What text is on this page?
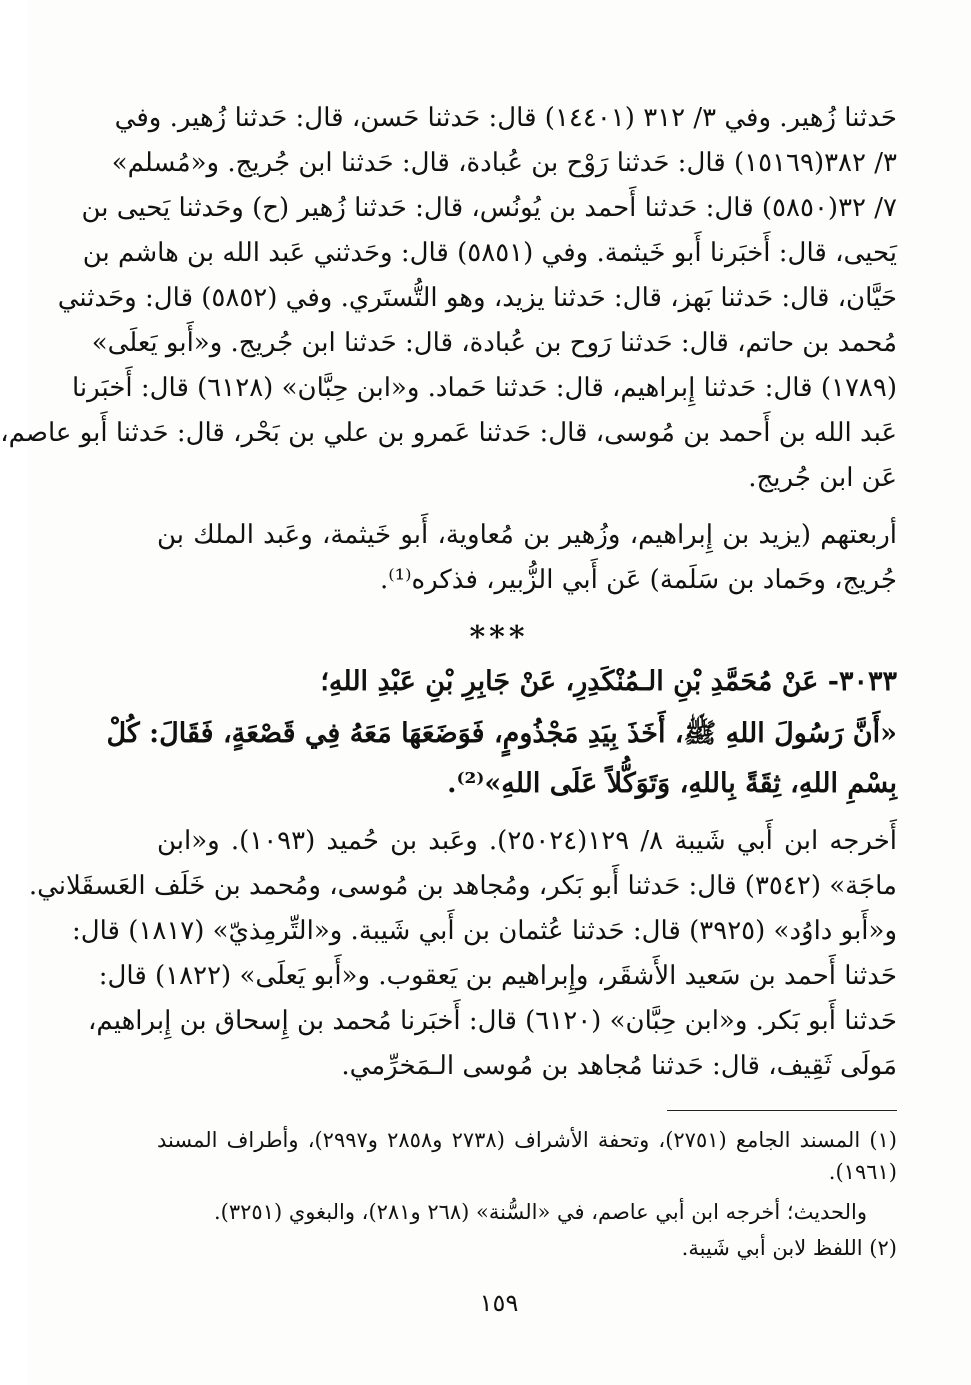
حَدثنا زُهير. وفي ٣/ ٣١٢ (١٤٤٠١) قال: حَدثنا حَسن، قال: حَدثنا زُهير. وفي
٣/ ٣٨٢(١٥١٦٩) قال: حَدثنا رَوْح بن عُبادة، قال: حَدثنا ابن جُريج. و«مُسلم»
٧/ ٣٢(٥٨٥٠) قال: حَدثنا أَحمد بن يُونُس، قال: حَدثنا زُهير (ح) وحَدثنا يَحيى بن
يَحيى، قال: أَخبَرنا أَبو خَيثمة. وفي (٥٨٥١) قال: وحَدثني عَبد الله بن هاشم بن
حَيَّان، قال: حَدثنا بَهز، قال: حَدثنا يزيد، وهو التُّستَري. وفي (٥٨٥٢) قال: وحَدثني
مُحمد بن حاتم، قال: حَدثنا رَوح بن عُبادة، قال: حَدثنا ابن جُريج. و«أَبو يَعلَى»
(١٧٨٩) قال: حَدثنا إِبراهيم، قال: حَدثنا حَماد. و«ابن حِبَّان» (٦١٢٨) قال: أَخبَرنا
عَبد الله بن أَحمد بن مُوسى، قال: حَدثنا عَمرو بن علي بن بَحْر، قال: حَدثنا أَبو عاصم،
عَن ابن جُريج.
أربعتهم (يزيد بن إِبراهيم، وزُهير بن مُعاوية، أَبو خَيثمة، وعَبد الملك بن
جُريج، وحَماد بن سَلَمة) عَن أَبي الزُّبير، فذكره⁽¹⁾.
***
٣٠٣٣- عَنْ مُحَمَّدِ بْنِ الـمُنْكَدِرِ، عَنْ جَابِرِ بْنِ عَبْدِ اللهِ؛
«أَنَّ رَسُولَ اللهِ ﷺ، أَخَذَ بِيَدِ مَجْذُومٍ، فَوَضَعَهَا مَعَهُ فِي قَصْعَةٍ، فَقَالَ: كُلْ
بِسْمِ اللهِ، ثِقَةً بِاللهِ، وَتَوَكُّلاً عَلَى اللهِ»⁽²⁾.
أَخرجه ابن أَبي شَيبة ٨/ ١٢٩(٢٥٠٢٤). وعَبد بن حُميد (١٠٩٣). و«ابن
ماجَة» (٣٥٤٢) قال: حَدثنا أَبو بَكر، ومُجاهد بن مُوسى، ومُحمد بن خَلَف العَسقَلاني.
و«أَبو داوُد» (٣٩٢٥) قال: حَدثنا عُثمان بن أَبي شَيبة. و«التِّرمِذيّ» (١٨١٧) قال:
حَدثنا أَحمد بن سَعيد الأَشقَر، وإِبراهيم بن يَعقوب. و«أَبو يَعلَى» (١٨٢٢) قال:
حَدثنا أَبو بَكر. و«ابن حِبَّان» (٦١٢٠) قال: أَخبَرنا مُحمد بن إِسحاق بن إِبراهيم،
مَولَى ثَقِيف، قال: حَدثنا مُجاهد بن مُوسى الـمَخرِّمي.
(١) المسند الجامع (٢٧٥١)، وتحفة الأشراف (٢٧٣٨ و٢٨٥٨ و٢٩٩٧)، وأطراف المسند
(١٩٦١).
والحديث؛ أخرجه ابن أبي عاصم، في «السُّنة» (٢٦٨ و٢٨١)، والبغوي (٣٢٥١).
(٢) اللفظ لابن أبي شَيبة.
١٥٩
